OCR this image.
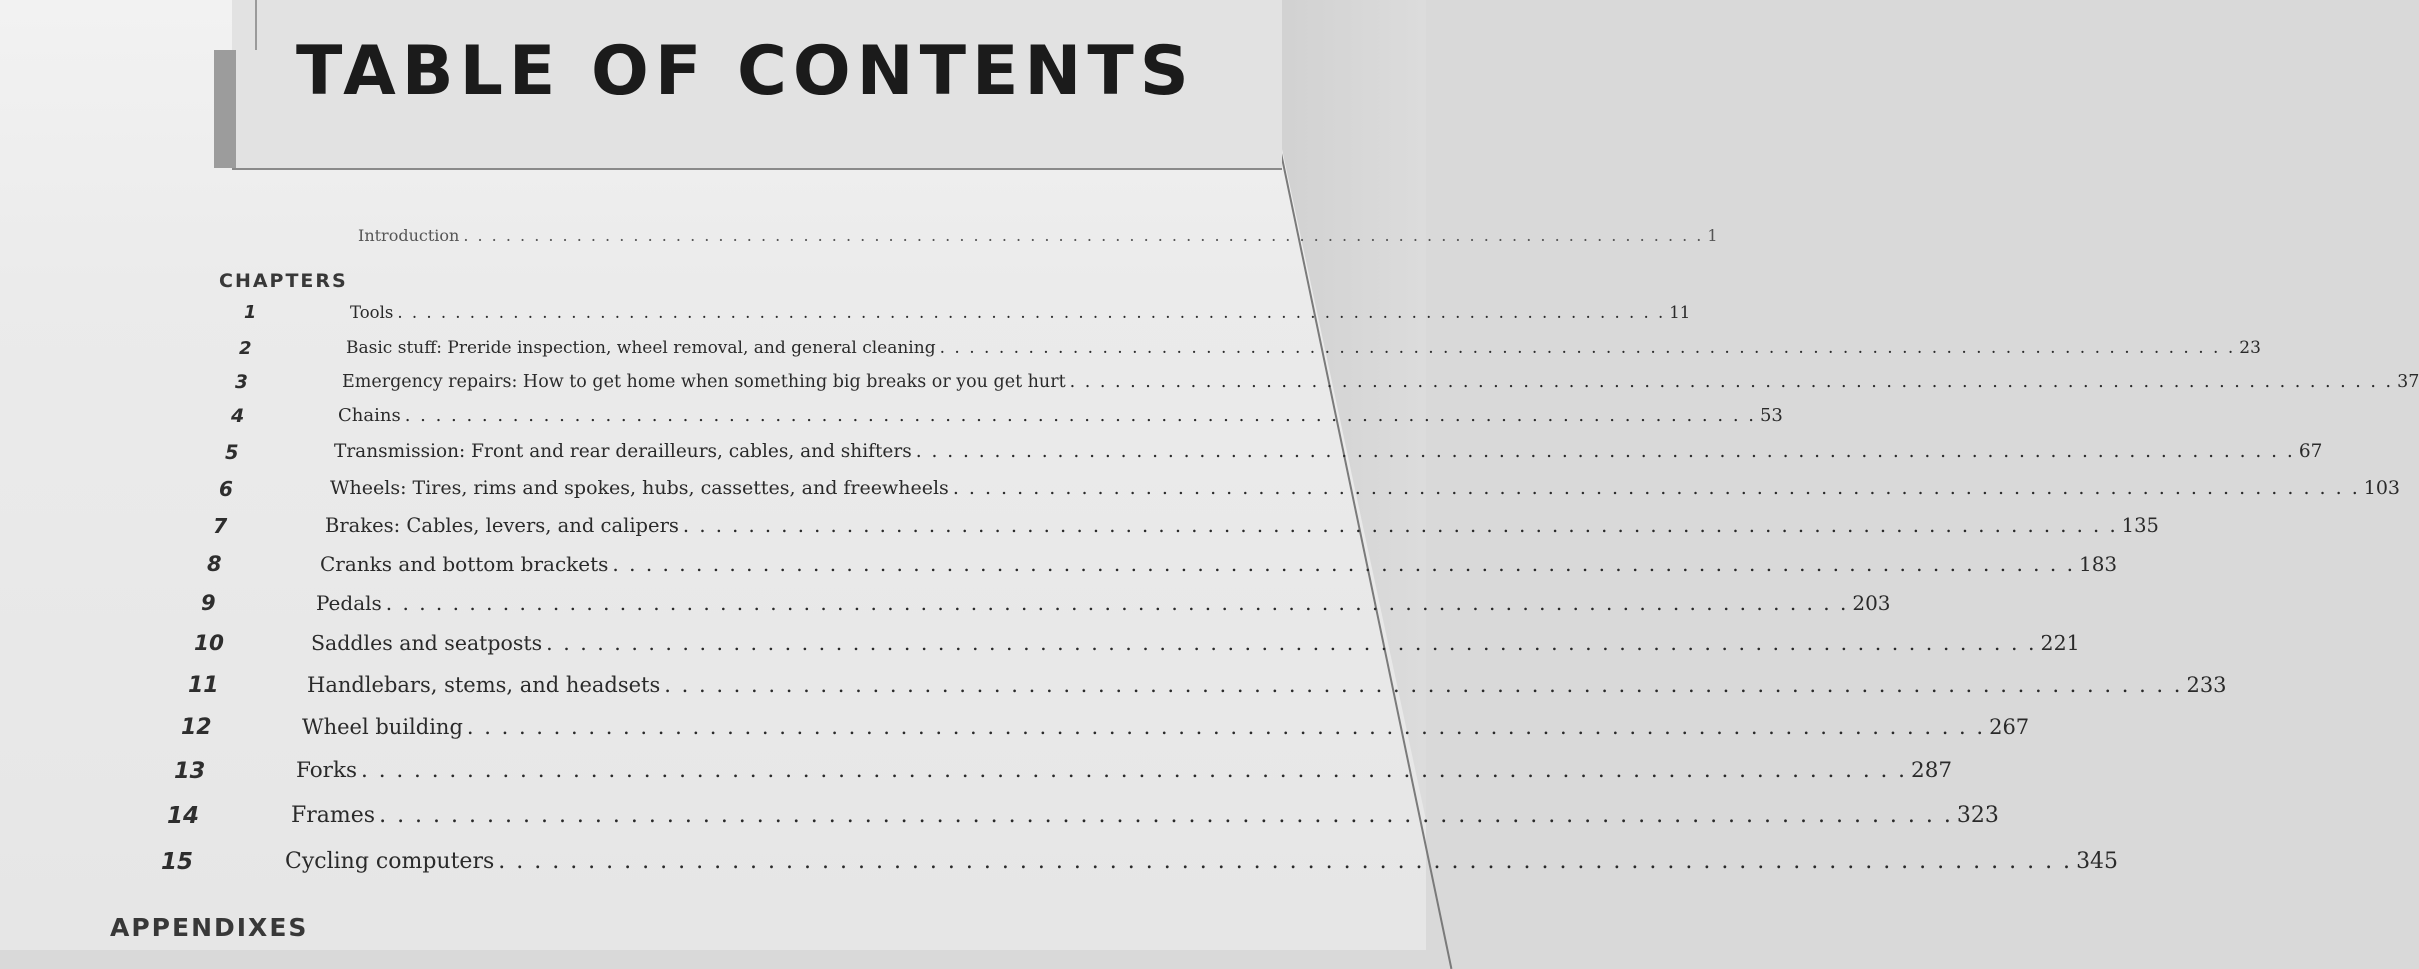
TABLE OF CONTENTS
Introduction . . . . . . . . . . . . . . . . . . . . . . . . . . . . . . . . . . . . . . . . . . . . . . . . . . . . . . . . . . . . . . . . . . . . . . . . . . . . . . . . . . . . . . . . 1
CHAPTERS
1	Tools . . . . . . . . . . . . . . . . . . . . . . . . . . . . . . . . . . . . . . . . . . . . . . . . . . . . . . . . . . . . . . . . . . . . . . . . . . . . . . . . . . . . . . . . 11
2	Basic stuff: Preride inspection, wheel removal, and general cleaning . . . . . . . . . . . . . . . . . . . . . . . . . . . . . . . . . . . . . . . . . . . . . . . . . . . . . . . . . . . . . . . . . . . . . . . . . . . . . . . . . . . . . . . . 23
3	Emergency repairs: How to get home when something big breaks or you get hurt . . . . . . . . . . . . . . . . . . . . . . . . . . . . . . . . . . . . . . . . . . . . . . . . . . . . . . . . . . . . . . . . . . . . . . . . . . . . . . . . . . . . . . . . 37
4	Chains . . . . . . . . . . . . . . . . . . . . . . . . . . . . . . . . . . . . . . . . . . . . . . . . . . . . . . . . . . . . . . . . . . . . . . . . . . . . . . . . . . . . . . . . 53
5	Transmission: Front and rear derailleurs, cables, and shifters . . . . . . . . . . . . . . . . . . . . . . . . . . . . . . . . . . . . . . . . . . . . . . . . . . . . . . . . . . . . . . . . . . . . . . . . . . . . . . . . . . . . . . . . 67
6	Wheels: Tires, rims and spokes, hubs, cassettes, and freewheels . . . . . . . . . . . . . . . . . . . . . . . . . . . . . . . . . . . . . . . . . . . . . . . . . . . . . . . . . . . . . . . . . . . . . . . . . . . . . . . . . . . . . . . . 103
7	Brakes: Cables, levers, and calipers . . . . . . . . . . . . . . . . . . . . . . . . . . . . . . . . . . . . . . . . . . . . . . . . . . . . . . . . . . . . . . . . . . . . . . . . . . . . . . . . . . . . . . . . 135
8	Cranks and bottom brackets . . . . . . . . . . . . . . . . . . . . . . . . . . . . . . . . . . . . . . . . . . . . . . . . . . . . . . . . . . . . . . . . . . . . . . . . . . . . . . . . . . . . . . . . 183
9	Pedals . . . . . . . . . . . . . . . . . . . . . . . . . . . . . . . . . . . . . . . . . . . . . . . . . . . . . . . . . . . . . . . . . . . . . . . . . . . . . . . . . . . . . . . . 203
10	Saddles and seatposts . . . . . . . . . . . . . . . . . . . . . . . . . . . . . . . . . . . . . . . . . . . . . . . . . . . . . . . . . . . . . . . . . . . . . . . . . . . . . . . . . . . . . . . . 221
11	Handlebars, stems, and headsets . . . . . . . . . . . . . . . . . . . . . . . . . . . . . . . . . . . . . . . . . . . . . . . . . . . . . . . . . . . . . . . . . . . . . . . . . . . . . . . . . . . . . . . . 233
12	Wheel building . . . . . . . . . . . . . . . . . . . . . . . . . . . . . . . . . . . . . . . . . . . . . . . . . . . . . . . . . . . . . . . . . . . . . . . . . . . . . . . . . . . . . . . . 267
13	Forks . . . . . . . . . . . . . . . . . . . . . . . . . . . . . . . . . . . . . . . . . . . . . . . . . . . . . . . . . . . . . . . . . . . . . . . . . . . . . . . . . . . . . . . . 287
14	Frames . . . . . . . . . . . . . . . . . . . . . . . . . . . . . . . . . . . . . . . . . . . . . . . . . . . . . . . . . . . . . . . . . . . . . . . . . . . . . . . . . . . . . . . . 323
15	Cycling computers . . . . . . . . . . . . . . . . . . . . . . . . . . . . . . . . . . . . . . . . . . . . . . . . . . . . . . . . . . . . . . . . . . . . . . . . . . . . . . . . . . . . . . . . 345
APPENDIXES
